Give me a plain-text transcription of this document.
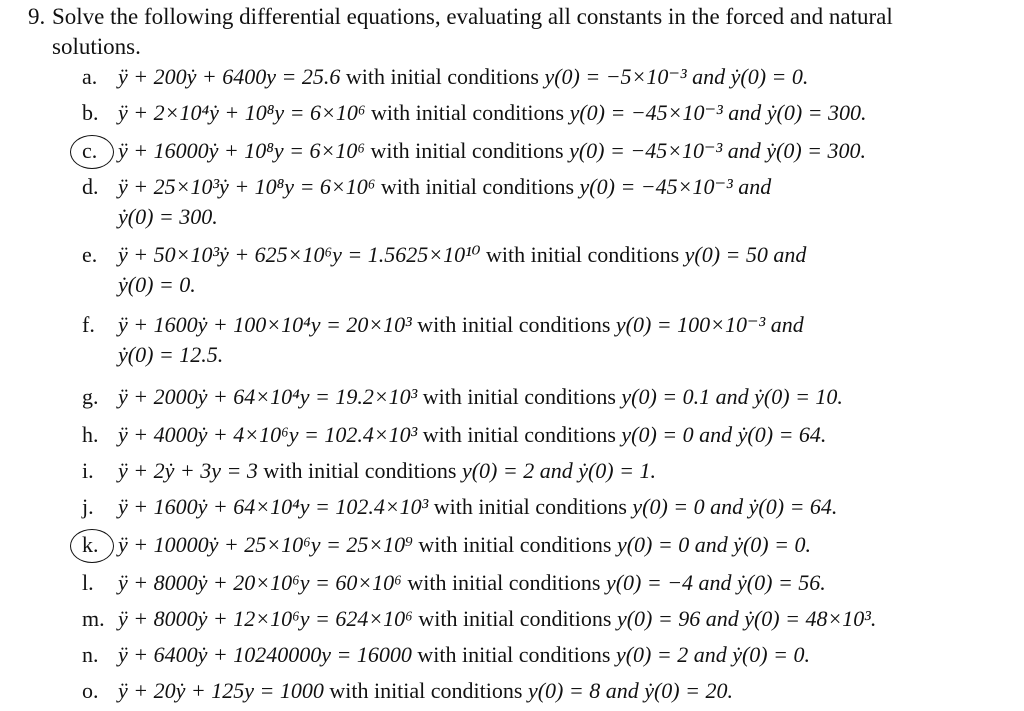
9. Solve the following differential equations, evaluating all constants in the forced and natural
solutions.
a. ÿ + 200ẏ + 6400y = 25.6 with initial conditions y(0) = −5×10⁻³ and ẏ(0) = 0.
b. ÿ + 2×10⁴ẏ + 10⁸y = 6×10⁶ with initial conditions y(0) = −45×10⁻³ and ẏ(0) = 300.
c. ÿ + 16000ẏ + 10⁸y = 6×10⁶ with initial conditions y(0) = −45×10⁻³ and ẏ(0) = 300.
d. ÿ + 25×10³ẏ + 10⁸y = 6×10⁶ with initial conditions y(0) = −45×10⁻³ and
ẏ(0) = 300.
e. ÿ + 50×10³ẏ + 625×10⁶y = 1.5625×10¹⁰ with initial conditions y(0) = 50 and
ẏ(0) = 0.
f. ÿ + 1600ẏ + 100×10⁴y = 20×10³ with initial conditions y(0) = 100×10⁻³ and
ẏ(0) = 12.5.
g. ÿ + 2000ẏ + 64×10⁴y = 19.2×10³ with initial conditions y(0) = 0.1 and ẏ(0) = 10.
h. ÿ + 4000ẏ + 4×10⁶y = 102.4×10³ with initial conditions y(0) = 0 and ẏ(0) = 64.
i. ÿ + 2ẏ + 3y = 3 with initial conditions y(0) = 2 and ẏ(0) = 1.
j. ÿ + 1600ẏ + 64×10⁴y = 102.4×10³ with initial conditions y(0) = 0 and ẏ(0) = 64.
k. ÿ + 10000ẏ + 25×10⁶y = 25×10⁹ with initial conditions y(0) = 0 and ẏ(0) = 0.
l. ÿ + 8000ẏ + 20×10⁶y = 60×10⁶ with initial conditions y(0) = −4 and ẏ(0) = 56.
m. ÿ + 8000ẏ + 12×10⁶y = 624×10⁶ with initial conditions y(0) = 96 and ẏ(0) = 48×10³.
n. ÿ + 6400ẏ + 10240000y = 16000 with initial conditions y(0) = 2 and ẏ(0) = 0.
o. ÿ + 20ẏ + 125y = 1000 with initial conditions y(0) = 8 and ẏ(0) = 20.
